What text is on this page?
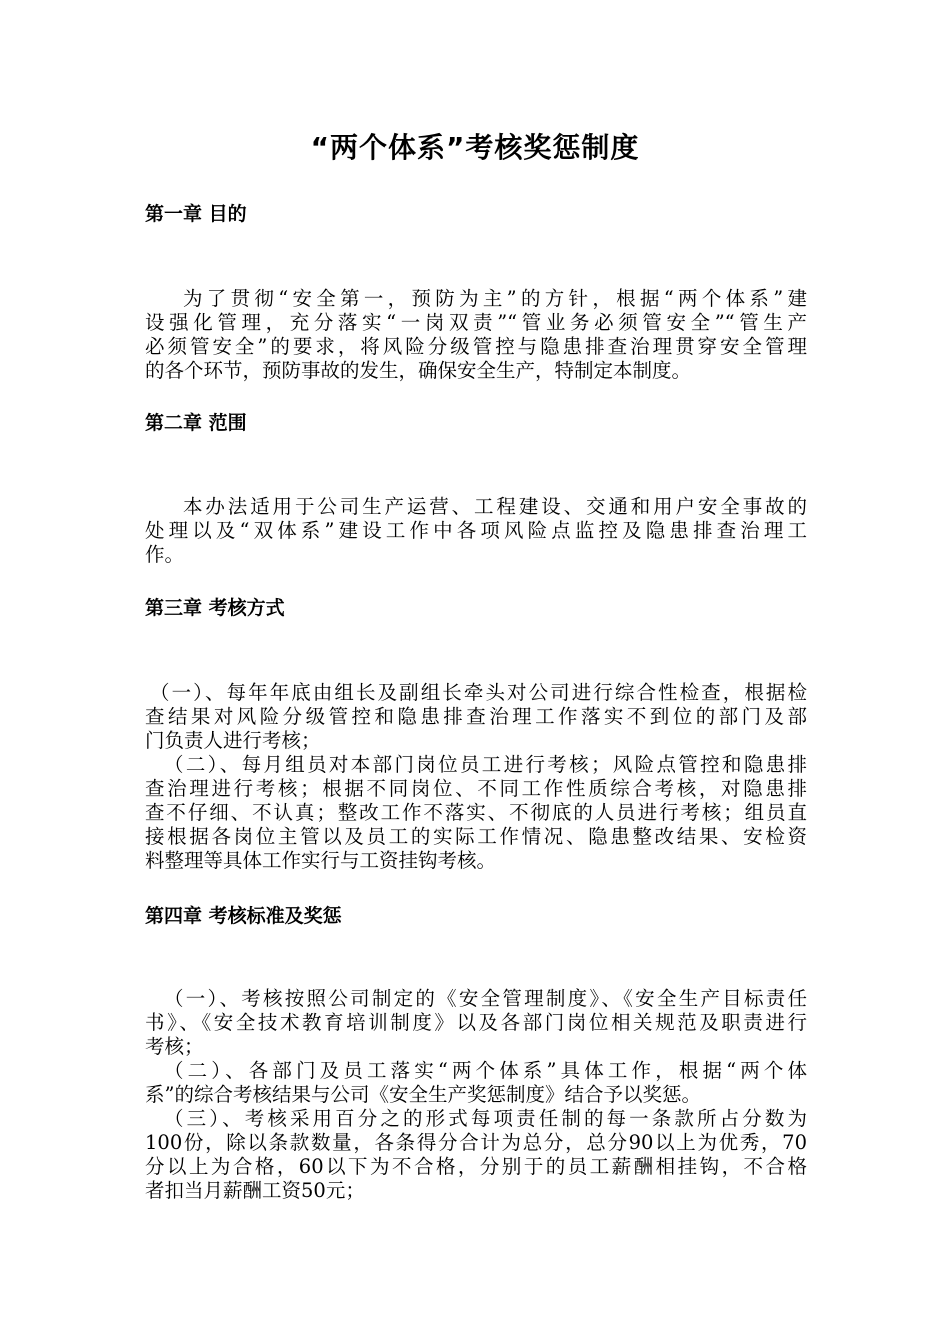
“两个体系”考核奖惩制度
第一章 目的
为了贯彻“安全第一，预防为主”的方针，根据“两个体系”建
设强化管理，充分落实“一岗双责”“管业务必须管安全”“管生产
必须管安全”的要求，将风险分级管控与隐患排查治理贯穿安全管理
的各个环节，预防事故的发生，确保安全生产，特制定本制度。
第二章 范围
本办法适用于公司生产运营、工程建设、交通和用户安全事故的
处理以及“双体系”建设工作中各项风险点监控及隐患排查治理工
作。
第三章 考核方式
（一）、每年年底由组长及副组长牵头对公司进行综合性检查，根据检
查结果对风险分级管控和隐患排查治理工作落实不到位的部门及部
门负责人进行考核；
（二）、每月组员对本部门岗位员工进行考核；风险点管控和隐患排
查治理进行考核；根据不同岗位、不同工作性质综合考核，对隐患排
查不仔细、不认真；整改工作不落实、不彻底的人员进行考核；组员直
接根据各岗位主管以及员工的实际工作情况、隐患整改结果、安检资
料整理等具体工作实行与工资挂钩考核。
第四章 考核标准及奖惩
（一）、考核按照公司制定的《安全管理制度》、《安全生产目标责任
书》、《安全技术教育培训制度》以及各部门岗位相关规范及职责进行
考核；
（二）、各部门及员工落实“两个体系”具体工作，根据“两个体
系”的综合考核结果与公司《安全生产奖惩制度》结合予以奖惩。
（三）、考核采用百分之的形式每项责任制的每一条款所占分数为
100份，除以条款数量，各条得分合计为总分，总分90以上为优秀，70
分以上为合格，60以下为不合格，分别于的员工薪酬相挂钩，不合格
者扣当月薪酬工资50元；
